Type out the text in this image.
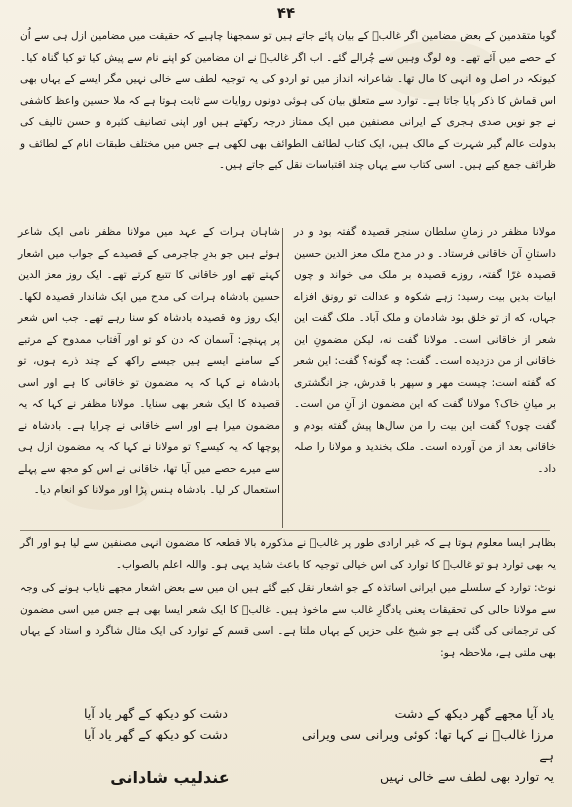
۴۴
گویا متقدمین کے بعض مضامین اگر غالبؔ کے بیان پائے جاتے ہیں تو سمجھنا چاہیے کہ حقیقت میں مضامین ازل ہی سے اُن کے حصے میں آئے تھے۔ وہ لوگ وہیں سے چُرالے گئے۔ اب اگر غالبؔ نے ان مضامین کو اپنے نام سے پیش کیا تو کیا گناہ کیا۔ کیونکہ در اصل وہ انہی کا مال تھا۔ شاعرانہ انداز میں تو اردو کی یہ توجیہ لطف سے خالی نہیں مگر ایسے کے یہاں بھی اس قماش کا ذکر پایا جاتا ہے۔ توارد سے متعلق بیان کی ہوئی دونوں روایات سے ثابت ہوتا ہے کہ ملا حسین واعظ کاشفی نے جو نویں صدی ہجری کے ایرانی مصنفین میں ایک ممتاز درجہ رکھتے ہیں اور اپنی تصانیف کثیرہ و حسن تالیف کی بدولت عالم گیر شہرت کے مالک ہیں، ایک کتاب لطائف الطوائف بھی لکھی ہے جس میں مختلف طبقات انام کے لطائف و ظرائف جمع کیے ہیں۔ اسی کتاب سے یہاں چند اقتباسات نقل کیے جاتے ہیں۔
مولانا مظفر در زمانِ سلطان سنجر قصیدہ گفتہ بود و در داستانِ آن خاقانی فرستاد۔ و در مدح ملک معز الدین حسین قصیدہ غرّا گفتہ، روزے قصیدہ بر ملک می خواند و چوں ابیات بدیں بیت رسید: زہے شکوہ و عدالت تو رونق افزاے جہاں، که از تو خلق بود شادمان و ملک آباد۔ ملک گفت این شعر از خاقانی است۔ مولانا گفت نه، لیکن مضمونِ این خاقانی از من دزدیده است۔ گفت: چه گونه؟ گفت: این شعر که گفته است: چیست مهر و سپهر با قدرش، جز انگشتری بر میانِ خاک؟ مولانا گفت که این مضمون از آنِ من است۔ گفت چوں؟ گفت این بیت را من سال‌ها پیش گفته بودم و خاقانی بعد از من آورده است۔ ملک بخندید و مولانا را صلہ داد۔
شاہان ہرات کے عہد میں مولانا مظفر نامی ایک شاعر ہوئے ہیں جو بدرِ جاجرمی کے قصیدے کے جواب میں اشعار کہتے تھے اور خاقانی کا تتبع کرتے تھے۔ ایک روز معز الدین حسین بادشاہ ہرات کی مدح میں ایک شاندار قصیدہ لکھا۔ ایک روز وہ قصیدہ بادشاہ کو سنا رہے تھے۔ جب اس شعر پر پہنچے: آسمان کہ دن کو تو اور آفتاب ممدوح کے مرتبے کے سامنے ایسے ہیں جیسے راکھ کے چند ذرے ہوں، تو بادشاہ نے کہا کہ یہ مضمون تو خاقانی کا ہے اور اسی قصیدہ کا ایک شعر بھی سنایا۔ مولانا مظفر نے کہا کہ یہ مضمون میرا ہے اور اسے خاقانی نے چرایا ہے۔ بادشاہ نے پوچھا کہ یہ کیسے؟ تو مولانا نے کہا کہ یہ مضمون ازل ہی سے میرے حصے میں آیا تھا، خاقانی نے اس کو مجھ سے پہلے استعمال کر لیا۔ بادشاہ ہنس پڑا اور مولانا کو انعام دیا۔
بظاہر ایسا معلوم ہوتا ہے کہ غیر ارادی طور پر غالبؔ نے مذکورہ بالا قطعہ کا مضمون انہی مصنفین سے لیا ہو اور اگر یہ بھی توارد ہو تو غالبؔ کا توارد کی اس خیالی توجیہ کا باعث شاید یہی ہو۔ واللہ اعلم بالصواب۔
نوٹ: توارد کے سلسلے میں ایرانی اساتذہ کے جو اشعار نقل کیے گئے ہیں ان میں سے بعض اشعار مجھے نایاب ہونے کی وجہ سے مولانا حالی کی تحقیقات یعنی یادگارِ غالب سے ماخوذ ہیں۔ غالبؔ کا ایک شعر ایسا بھی ہے جس میں اسی مضمون کی ترجمانی کی گئی ہے جو شیخ علی حزیں کے یہاں ملتا ہے۔ اسی قسم کے توارد کی ایک مثال شاگرد و استاد کے یہاں بھی ملتی ہے، ملاحظہ ہو:
یاد آیا مجھے گھر دیکھ کے دشت
مرزا غالبؔ نے کہا تھا: کوئی ویرانی سی ویرانی ہے
یہ توارد بھی لطف سے خالی نہیں
دشت کو دیکھ کے گھر یاد آیا
دشت کو دیکھ کے گھر یاد آیا
عندلیب شادانی
